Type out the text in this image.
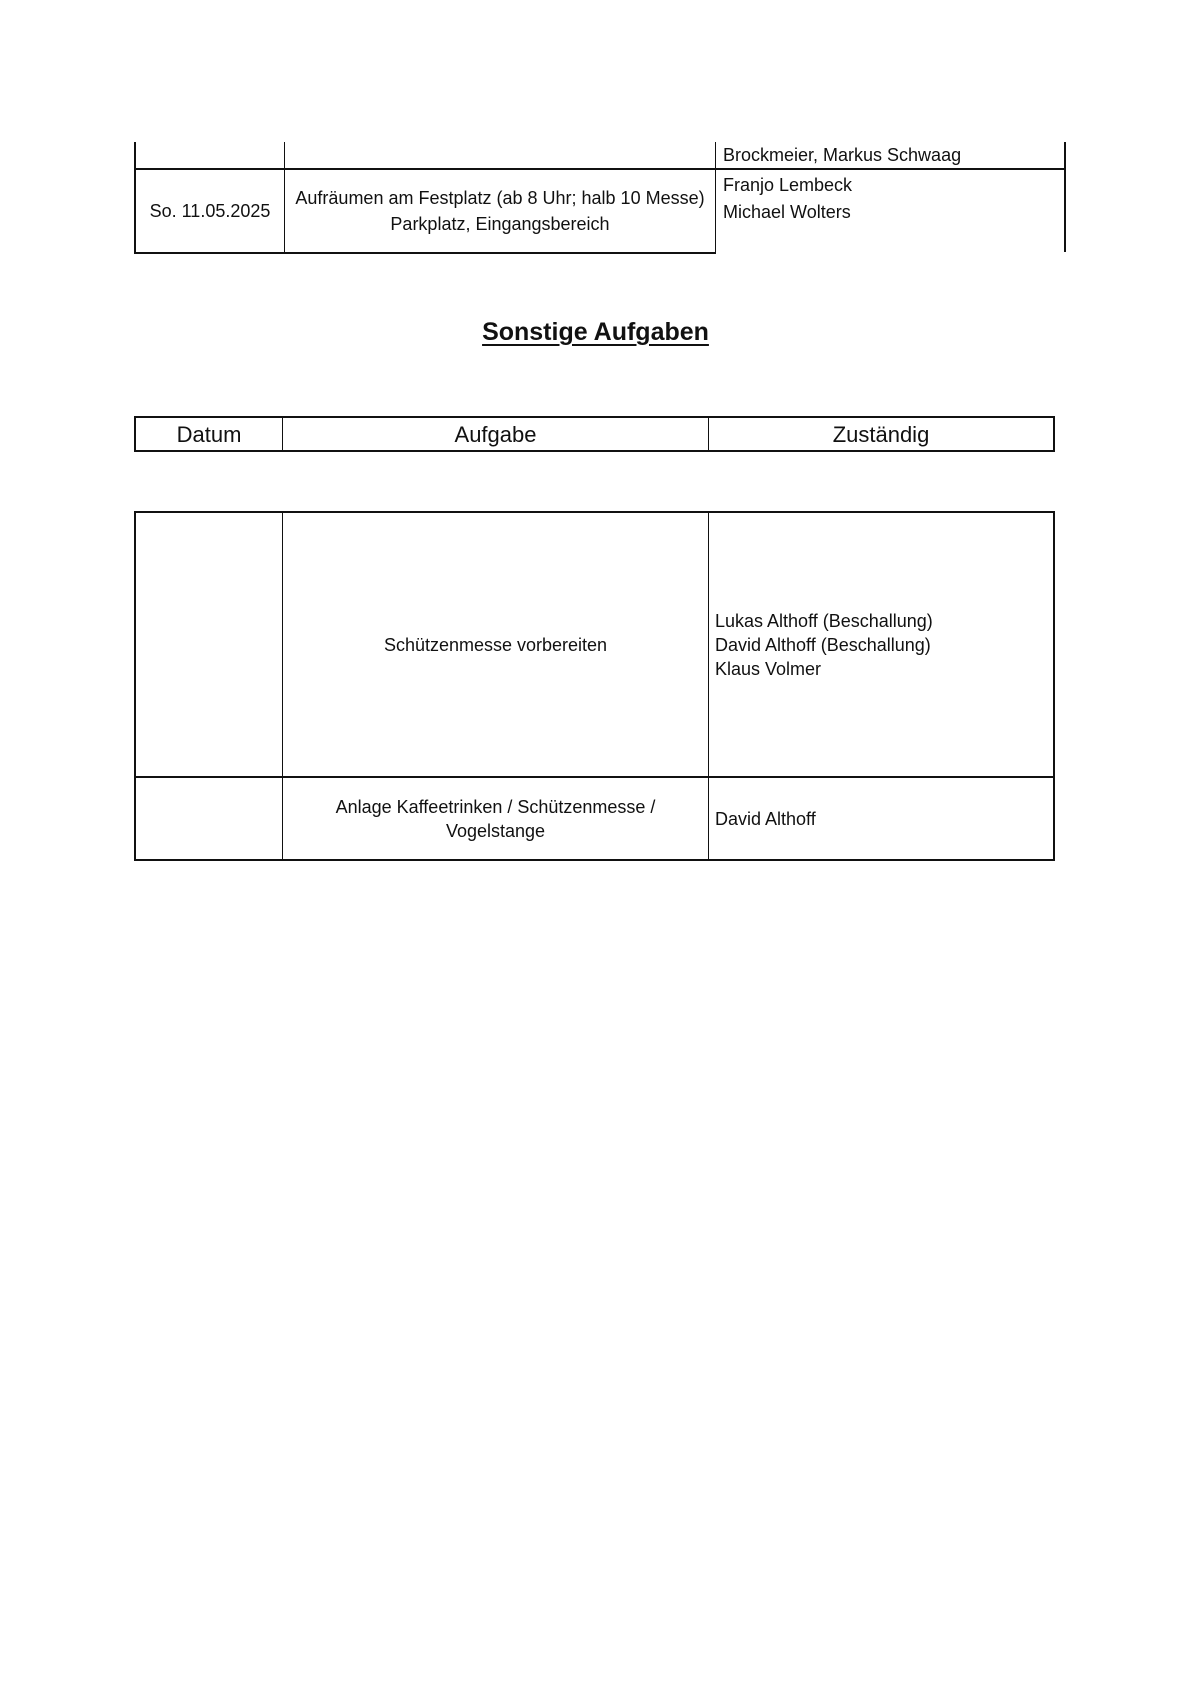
Brockmeier, Markus Schwaag
So. 11.05.2025
Aufräumen am Festplatz (ab 8 Uhr; halb 10 Messe)
Parkplatz, Eingangsbereich
Franjo Lembeck
Michael Wolters
Sonstige Aufgaben
Datum	Aufgabe	Zuständig
Schützenmesse vorbereiten
Lukas Althoff (Beschallung)
David Althoff (Beschallung)
Klaus Volmer
Anlage Kaffeetrinken / Schützenmesse /
Vogelstange
David Althoff
